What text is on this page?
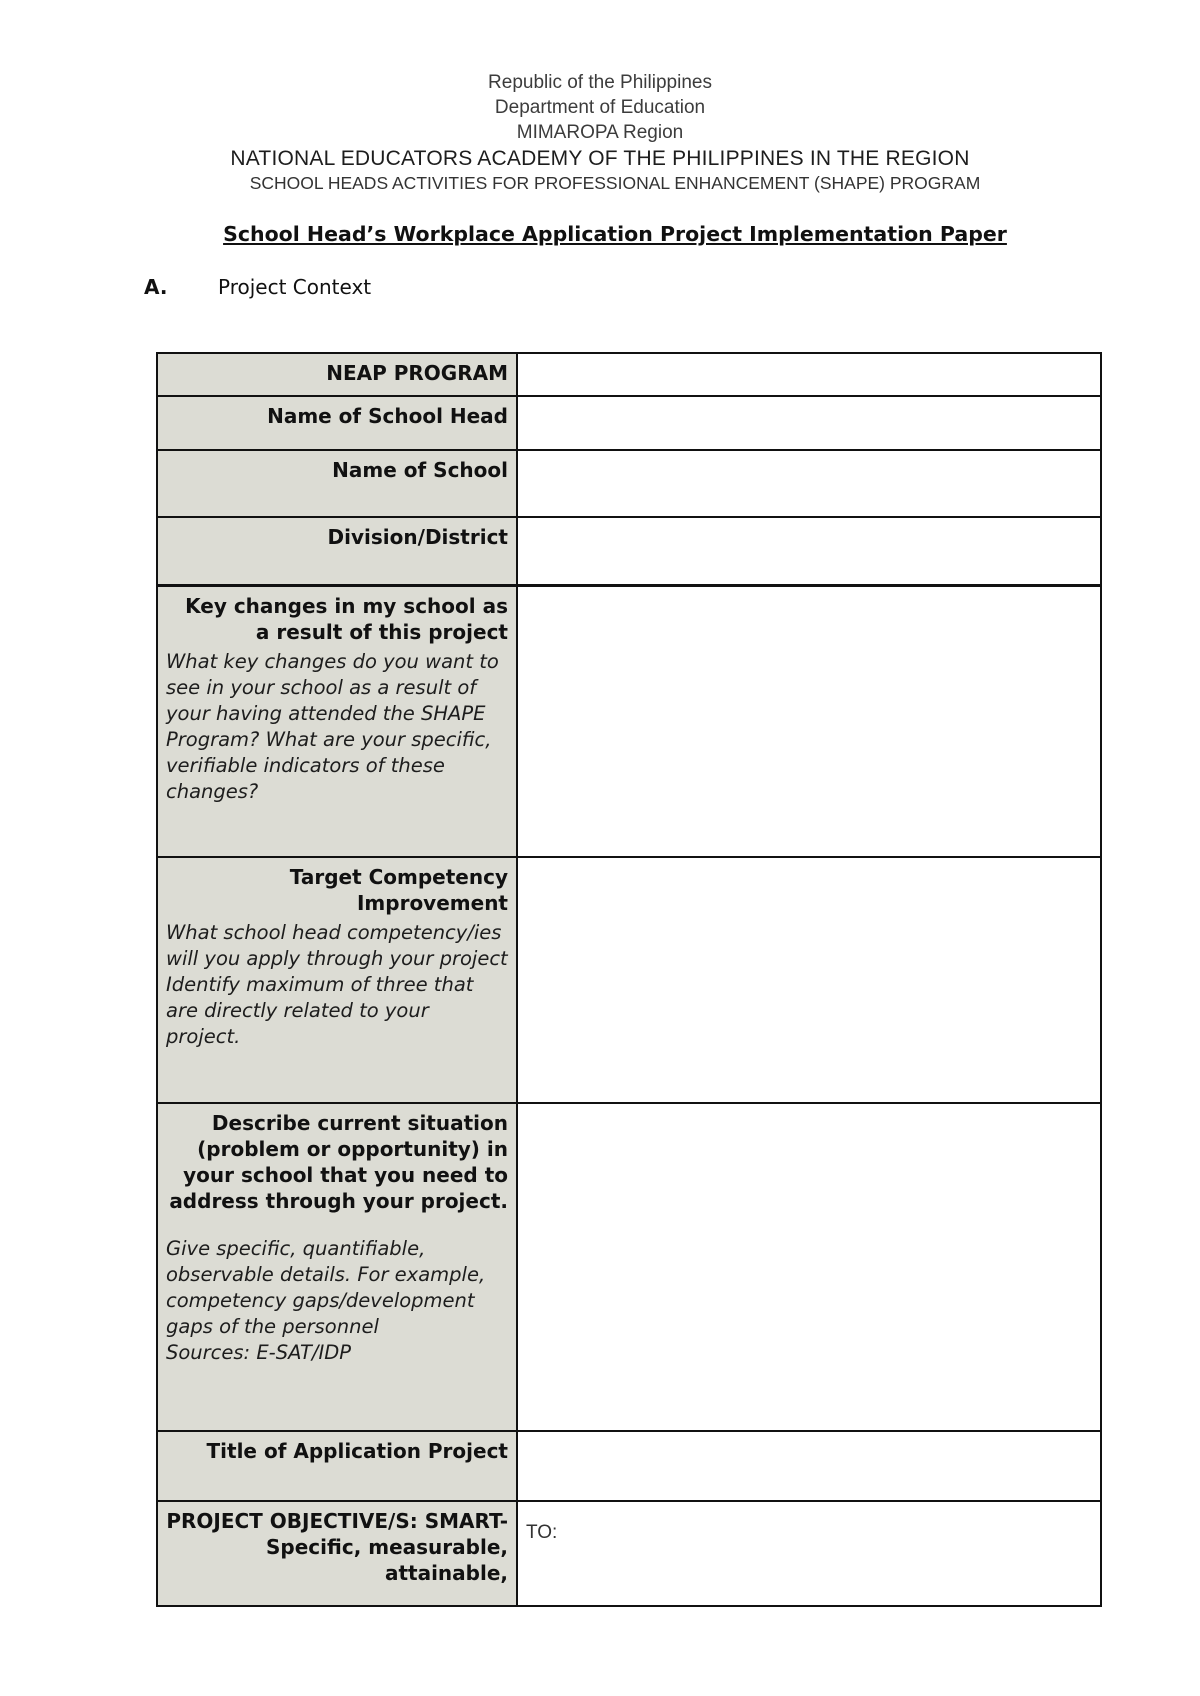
Republic of the Philippines
Department of Education
MIMAROPA Region
NATIONAL EDUCATORS ACADEMY OF THE PHILIPPINES IN THE REGION
SCHOOL HEADS ACTIVITIES FOR PROFESSIONAL ENHANCEMENT (SHAPE) PROGRAM
School Head’s Workplace Application Project Implementation Paper
A.	Project Context
NEAP PROGRAM	

Name of School Head	

Name of School	

Division/District	

Key changes in my school as a result of this project
What key changes do you want to see in your school as a result of your having attended the SHAPE Program? What are your specific, verifiable indicators of these changes?	

Target Competency Improvement
What school head competency/ies will you apply through your project Identify maximum of three that are directly related to your project.	

Describe current situation (problem or opportunity) in your school that you need to address through your project.
Give specific, quantifiable, observable details. For example, competency gaps/development gaps of the personnel
Sources: E-SAT/IDP	

Title of Application Project	

PROJECT OBJECTIVE/S: SMART-Specific, measurable, attainable,	TO:
